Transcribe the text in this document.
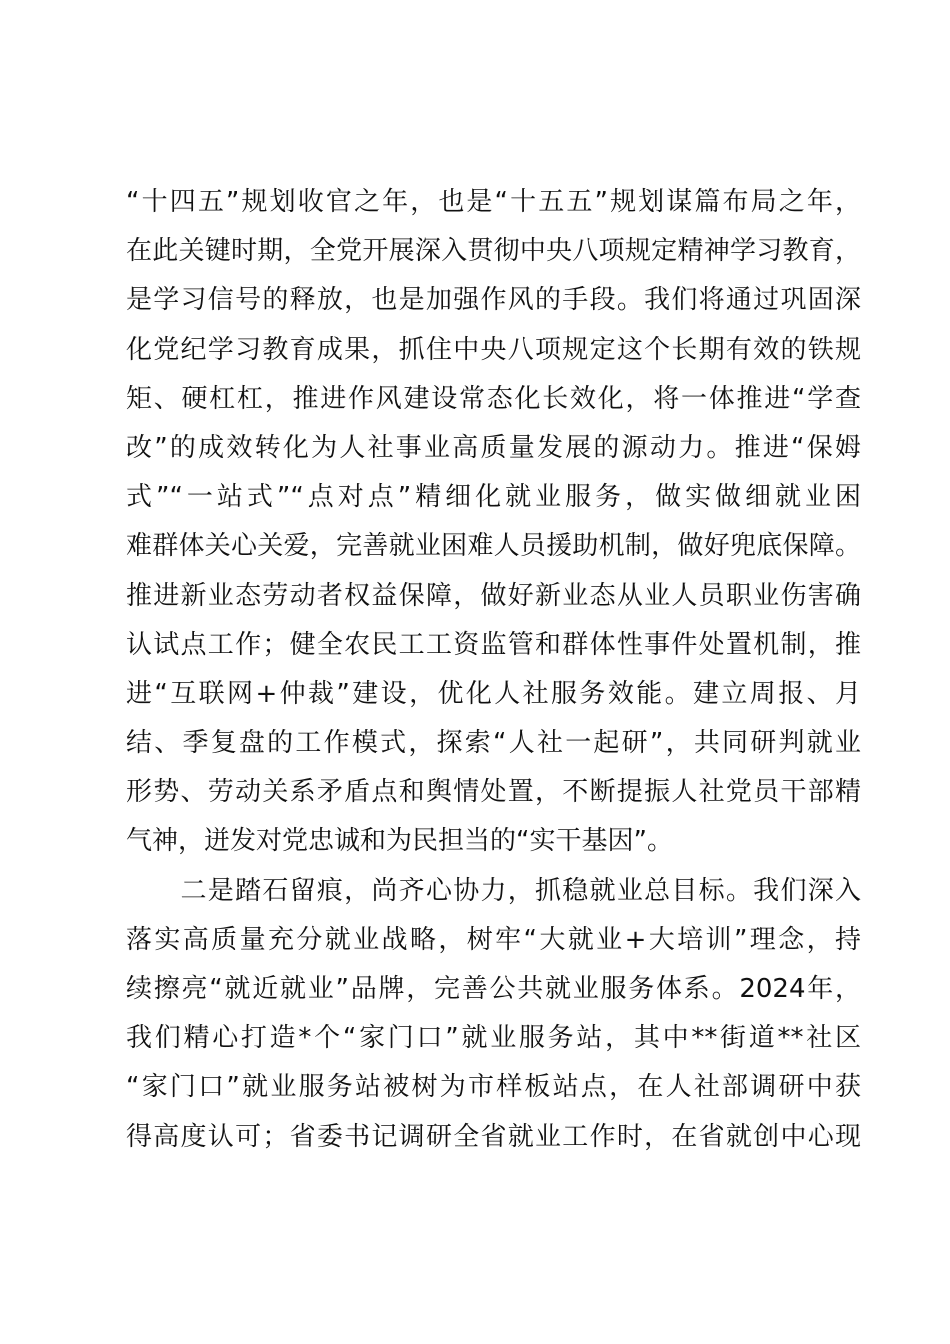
“十四五”规划收官之年，也是“十五五”规划谋篇布局之年，
在此关键时期，全党开展深入贯彻中央八项规定精神学习教育，
是学习信号的释放，也是加强作风的手段。我们将通过巩固深
化党纪学习教育成果，抓住中央八项规定这个长期有效的铁规
矩、硬杠杠，推进作风建设常态化长效化，将一体推进“学查
改”的成效转化为人社事业高质量发展的源动力。推进“保姆
式”“一站式”“点对点”精细化就业服务，做实做细就业困
难群体关心关爱，完善就业困难人员援助机制，做好兜底保障。
推进新业态劳动者权益保障，做好新业态从业人员职业伤害确
认试点工作；健全农民工工资监管和群体性事件处置机制，推
进“互联网+仲裁”建设，优化人社服务效能。建立周报、月
结、季复盘的工作模式，探索“人社一起研”，共同研判就业
形势、劳动关系矛盾点和舆情处置，不断提振人社党员干部精
气神，迸发对党忠诚和为民担当的“实干基因”。
　　二是踏石留痕，尚齐心协力，抓稳就业总目标。我们深入
落实高质量充分就业战略，树牢“大就业+大培训”理念，持
续擦亮“就近就业”品牌，完善公共就业服务体系。2024年，
我们精心打造*个“家门口”就业服务站，其中**街道**社区
“家门口”就业服务站被树为市样板站点，在人社部调研中获
得高度认可；省委书记调研全省就业工作时，在省就创中心现
